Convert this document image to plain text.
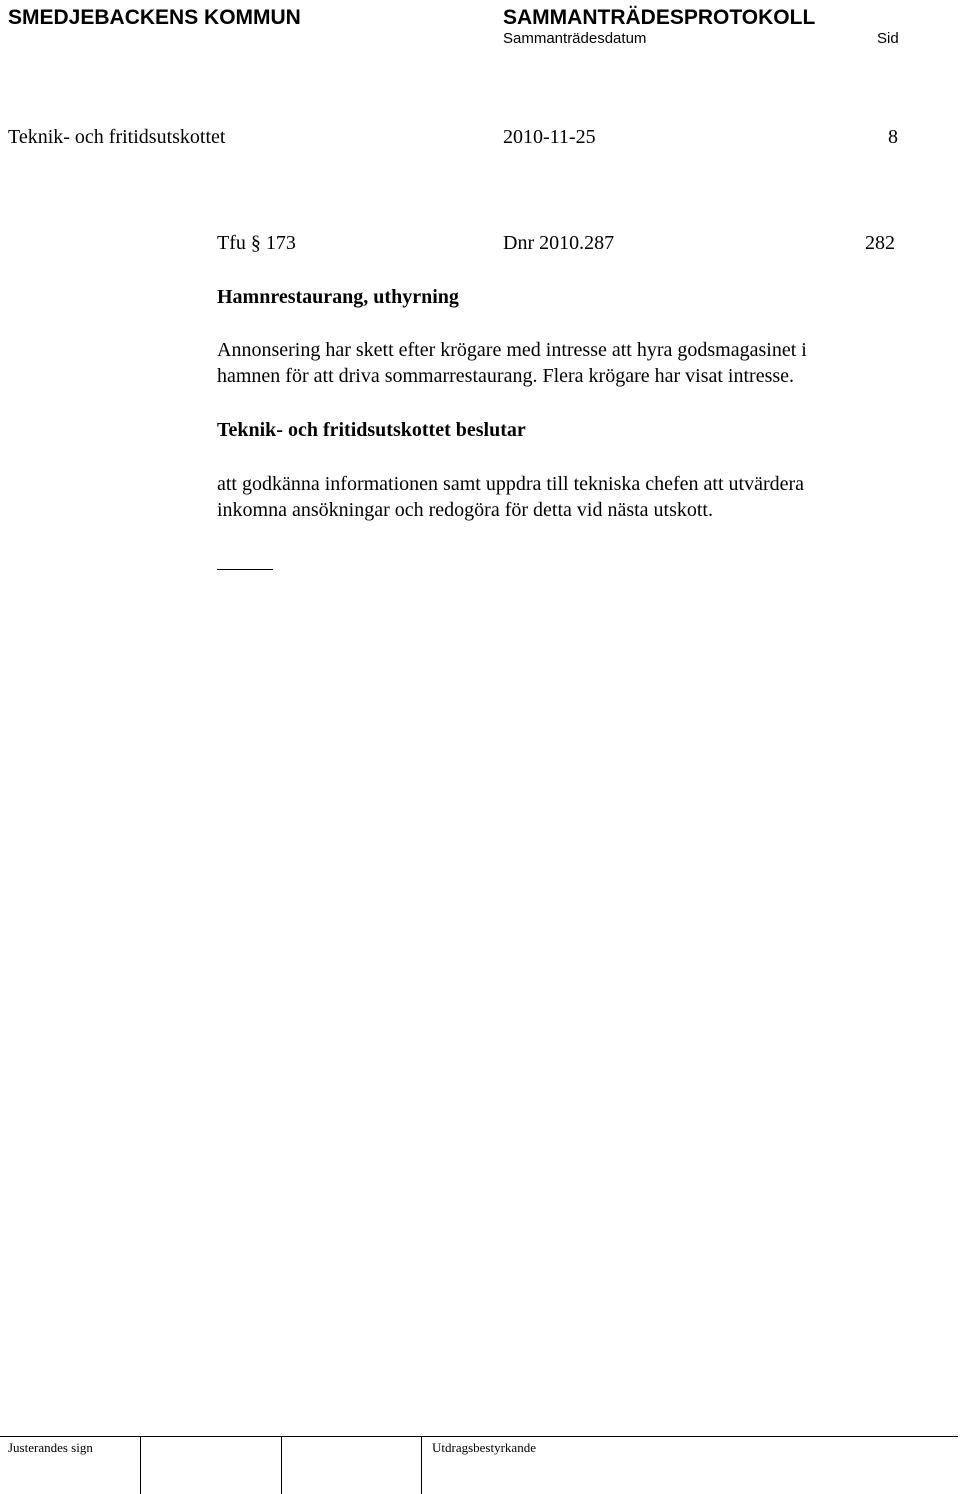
SMEDJEBACKENS KOMMUN	SAMMANTRÄDESPROTOKOLL
Sammanträdesdatum	Sid
Teknik- och fritidsutskottet	2010-11-25	8
Tfu § 173	Dnr 2010.287	282
Hamnrestaurang, uthyrning
Annonsering har skett efter krögare med intresse att hyra godsmagasinet i
hamnen för att driva sommarrestaurang. Flera krögare har visat intresse.
Teknik- och fritidsutskottet beslutar
att godkänna informationen samt uppdra till tekniska chefen att utvärdera
inkomna ansökningar och redogöra för detta vid nästa utskott.
Justerandes sign	Utdragsbestyrkande
